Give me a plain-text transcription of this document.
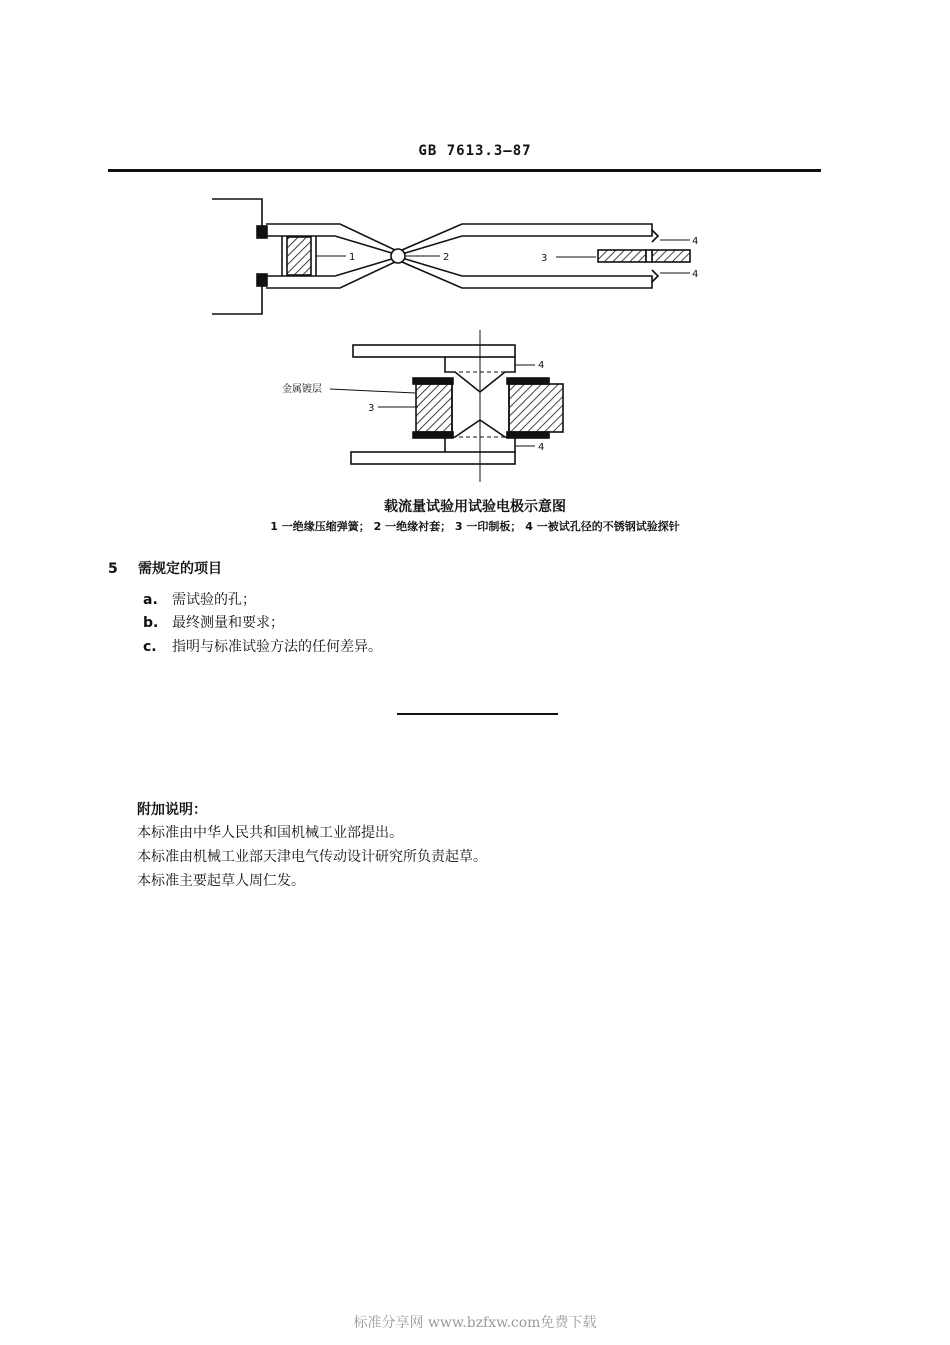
GB 7613.3—87
1	2	3
4
4
金属镀层
3
4
4
载流量试验用试验电极示意图
1 一绝缘压缩弹簧； 2 一绝缘衬套； 3 一印制板； 4 一被试孔径的不锈钢试验探针
5 需规定的项目
a. 需试验的孔；
b. 最终测量和要求；
c. 指明与标准试验方法的任何差异。
附加说明：
本标准由中华人民共和国机械工业部提出。
本标准由机械工业部天津电气传动设计研究所负责起草。
本标准主要起草人周仁发。
标准分享网 www.bzfxw.com免费下载
